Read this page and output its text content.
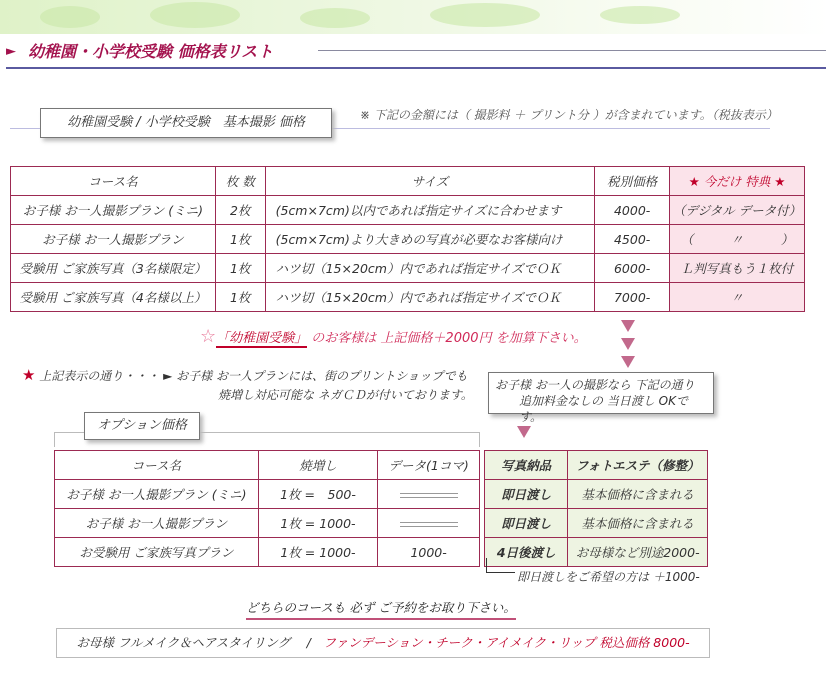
► 幼稚園・小学校受験 価格表リスト
幼稚園受験 / 小学校受験　基本撮影 価格	※ 下記の金額には（ 撮影料 ＋ プリント分 ）が含まれています。（税抜表示）
コース名	枚 数	サイズ	税別価格	★ 今だけ 特典 ★
お子様 お一人撮影プラン (ミニ)	2枚	(5cm×7cm)以内であれば指定サイズに合わせます	4000-	（デジタル データ付）
お子様 お一人撮影プラン	1枚	(5cm×7cm)より大きめの写真が必要なお客様向け	4500-	（　　　〃　　　）
受験用 ご家族写真（3名様限定）	1枚	ハツ切（15×20cm）内であれば指定サイズでＯＫ	6000-	Ｌ判写真もう１枚付
受験用 ご家族写真（4名様以上）	1枚	ハツ切（15×20cm）内であれば指定サイズでＯＫ	7000-	〃
☆「幼稚園受験」 のお客様は 上記価格＋2000円 を加算下さい。
★ 上記表示の通り・・・ ► お子様 お一人プランには、街のプリントショップでも
焼増し対応可能な ネガＣＤが付いております。
お子様 お一人の撮影なら 下記の通り
追加料金なしの 当日渡し OKです。
オプション価格
コース名	焼増し	データ(1コマ)
お子様 お一人撮影プラン (ミニ)	1枚 =　500-	
お子様 お一人撮影プラン	1枚 = 1000-	
お受験用 ご家族写真プラン	1枚 = 1000-	1000-
写真納品	フォトエステ（修整）
即日渡し	基本価格に含まれる
即日渡し	基本価格に含まれる
4日後渡し	お母様など別途2000-
即日渡しをご希望の方は ＋1000-
どちらのコースも 必ず ご予約をお取り下さい。
お母様 フルメイク＆ヘアスタイリング　 /　ファンデーション・チーク・アイメイク・リップ 税込価格 8000-
